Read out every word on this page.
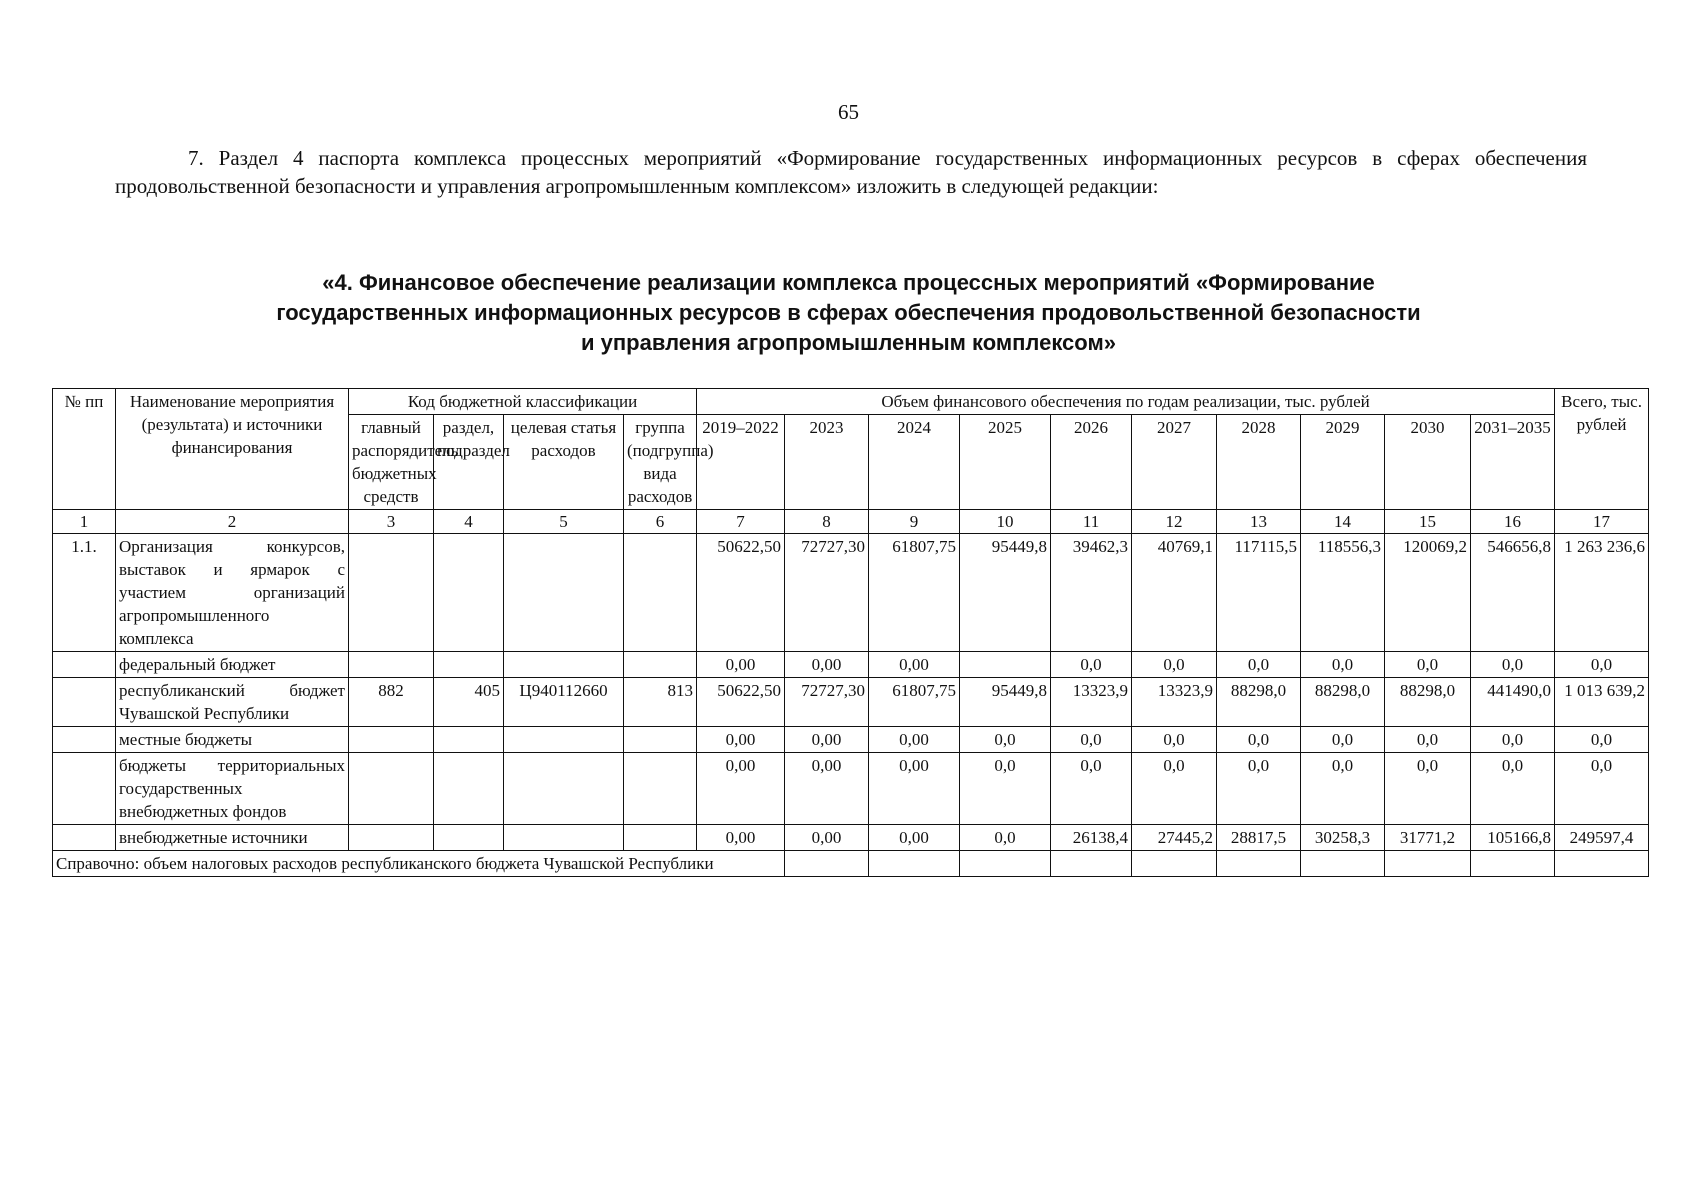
65

7. Раздел 4 паспорта комплекса процессных мероприятий «Формирование государственных информационных ресурсов в сферах обеспечения продовольственной безопасности и управления агропромышленным комплексом» изложить в следующей редакции:

«4. Финансовое обеспечение реализации комплекса процессных мероприятий «Формирование
государственных информационных ресурсов в сферах обеспечения продовольственной безопасности
и управления агропромышленным комплексом»
№ пп	Наименование мероприятия (результата) и источники финансирования	Код бюджетной классификации				Объем финансового обеспечения по годам реализации, тыс. рублей										Всего, тыс. рублей
		главный распорядитель бюджетных средств	раздел, подраздел	целевая статья расходов	группа (подгруппа) вида расходов	2019–2022	2023	2024	2025	2026	2027	2028	2029	2030	2031–2035	
1	2	3	4	5	6	7	8	9	10	11	12	13	14	15	16	17
1.1.	Организация конкурсов, выставок и ярмарок с участием организаций агропромышленного комплекса					50622,50	72727,30	61807,75	95449,8	39462,3	40769,1	117115,5	118556,3	120069,2	546656,8	1 263 236,6
	федеральный бюджет					0,00	0,00	0,00		0,0	0,0	0,0	0,0	0,0	0,0	0,0
	республиканский бюджет Чувашской Республики	882	405	Ц940112660	813	50622,50	72727,30	61807,75	95449,8	13323,9	13323,9	88298,0	88298,0	88298,0	441490,0	1 013 639,2
	местные бюджеты					0,00	0,00	0,00	0,0	0,0	0,0	0,0	0,0	0,0	0,0	0,0
	бюджеты территориальных государственных внебюджетных фондов					0,00	0,00	0,00	0,0	0,0	0,0	0,0	0,0	0,0	0,0	0,0
	внебюджетные источники					0,00	0,00	0,00	0,0	26138,4	27445,2	28817,5	30258,3	31771,2	105166,8	249597,4
Справочно: объем налоговых расходов республиканского бюджета Чувашской Республики																
